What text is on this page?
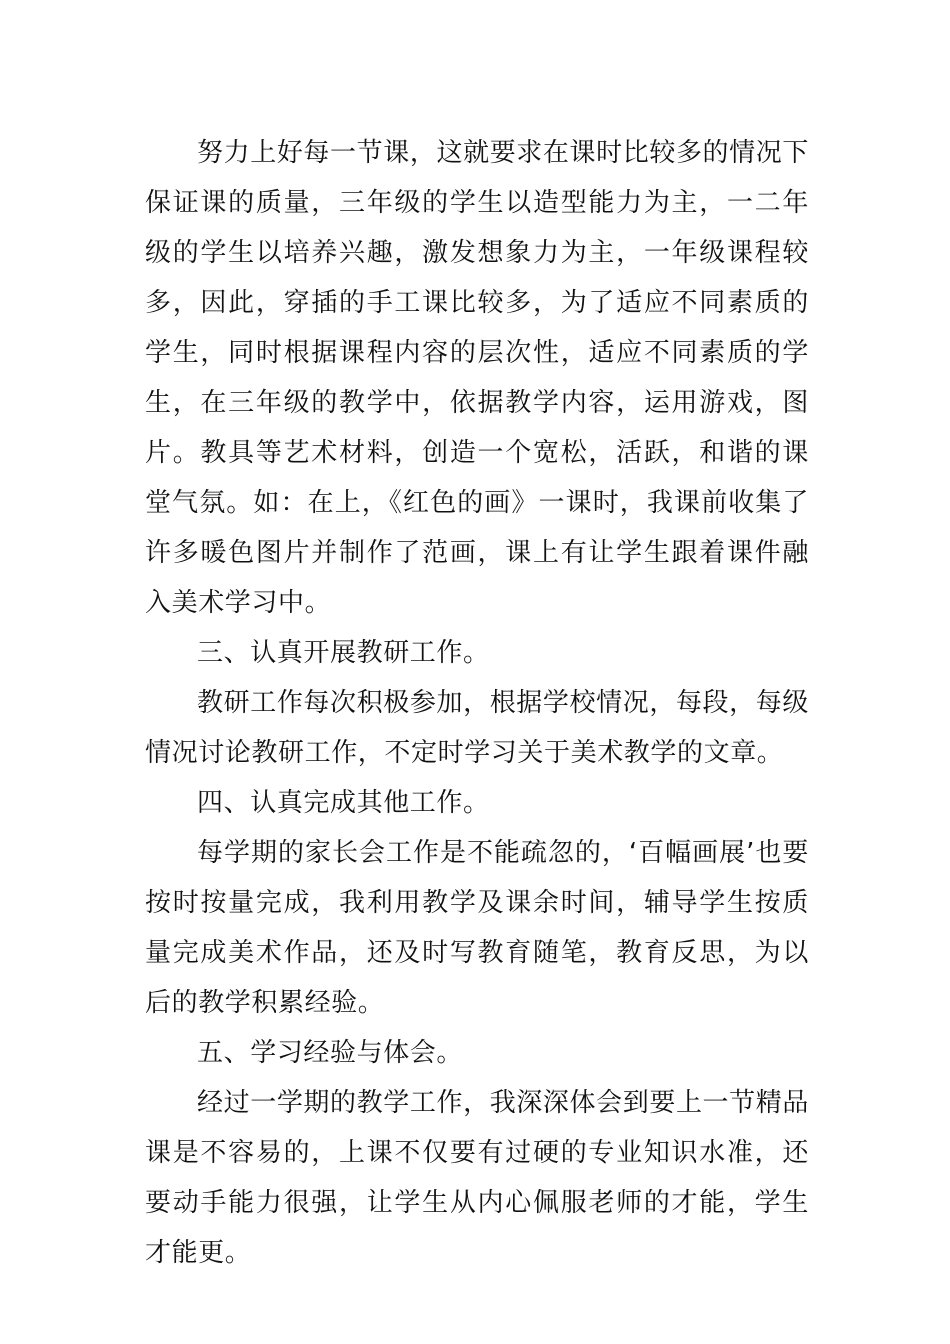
努力上好每一节课，这就要求在课时比较多的情况下保证课的质量，三年级的学生以造型能力为主，一二年级的学生以培养兴趣，激发想象力为主，一年级课程较多，因此，穿插的手工课比较多，为了适应不同素质的学生，同时根据课程内容的层次性，适应不同素质的学生，在三年级的教学中，依据教学内容，运用游戏，图片。教具等艺术材料，创造一个宽松，活跃，和谐的课堂气氛。如：在上，《红色的画》一课时，我课前收集了许多暖色图片并制作了范画，课上有让学生跟着课件融入美术学习中。

三、认真开展教研工作。

教研工作每次积极参加，根据学校情况，每段，每级情况讨论教研工作，不定时学习关于美术教学的文章。

四、认真完成其他工作。

每学期的家长会工作是不能疏忽的，‘百幅画展’也要按时按量完成，我利用教学及课余时间，辅导学生按质量完成美术作品，还及时写教育随笔，教育反思，为以后的教学积累经验。

五、学习经验与体会。

经过一学期的教学工作，我深深体会到要上一节精品课是不容易的，上课不仅要有过硬的专业知识水准，还要动手能力很强，让学生从内心佩服老师的才能，学生才能更。
